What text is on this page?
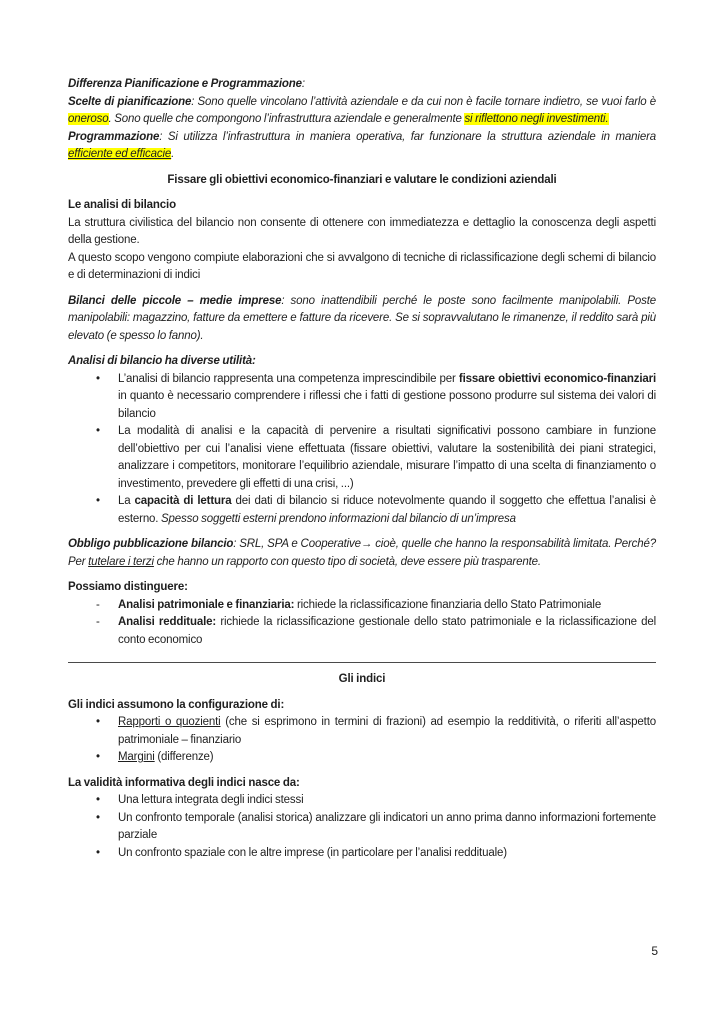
Differenza Pianificazione e Programmazione:
Scelte di pianificazione: Sono quelle vincolano l’attività aziendale e da cui non è facile tornare indietro, se vuoi farlo è oneroso. Sono quelle che compongono l’infrastruttura aziendale e generalmente si riflettono negli investimenti.
Programmazione: Si utilizza l’infrastruttura in maniera operativa, far funzionare la struttura aziendale in maniera efficiente ed efficacie.
Fissare gli obiettivi economico-finanziari e valutare le condizioni aziendali
Le analisi di bilancio
La struttura civilistica del bilancio non consente di ottenere con immediatezza e dettaglio la conoscenza degli aspetti della gestione.
A questo scopo vengono compiute elaborazioni che si avvalgono di tecniche di riclassificazione degli schemi di bilancio e di determinazioni di indici
Bilanci delle piccole – medie imprese: sono inattendibili perché le poste sono facilmente manipolabili. Poste manipolabili: magazzino, fatture da emettere e fatture da ricevere. Se si sopravvalutano le rimanenze, il reddito sarà più elevato (e spesso lo fanno).
Analisi di bilancio ha diverse utilità:
•	L’analisi di bilancio rappresenta una competenza imprescindibile per fissare obiettivi economico-finanziari in quanto è necessario comprendere i riflessi che i fatti di gestione possono produrre sul sistema dei valori di bilancio
•	La modalità di analisi e la capacità di pervenire a risultati significativi possono cambiare in funzione dell’obiettivo per cui l’analisi viene effettuata (fissare obiettivi, valutare la sostenibilità dei piani strategici, analizzare i competitors, monitorare l’equilibrio aziendale, misurare l’impatto di una scelta di finanziamento o investimento, prevedere gli effetti di una crisi, ...)
•	La capacità di lettura dei dati di bilancio si riduce notevolmente quando il soggetto che effettua l’analisi è esterno. Spesso soggetti esterni prendono informazioni dal bilancio di un’impresa
Obbligo pubblicazione bilancio: SRL, SPA e Cooperative→ cioè, quelle che hanno la responsabilità limitata. Perché? Per tutelare i terzi che hanno un rapporto con questo tipo di società, deve essere più trasparente.
Possiamo distinguere:
-	Analisi patrimoniale e finanziaria: richiede la riclassificazione finanziaria dello Stato Patrimoniale
-	Analisi reddituale: richiede la riclassificazione gestionale dello stato patrimoniale e la riclassificazione del conto economico
Gli indici
Gli indici assumono la configurazione di:
•	Rapporti o quozienti (che si esprimono in termini di frazioni) ad esempio la redditività, o riferiti all’aspetto patrimoniale – finanziario
•	Margini (differenze)
La validità informativa degli indici nasce da:
•	Una lettura integrata degli indici stessi
•	Un confronto temporale (analisi storica) analizzare gli indicatori un anno prima danno informazioni fortemente parziale
•	Un confronto spaziale con le altre imprese (in particolare per l’analisi reddituale)
5
